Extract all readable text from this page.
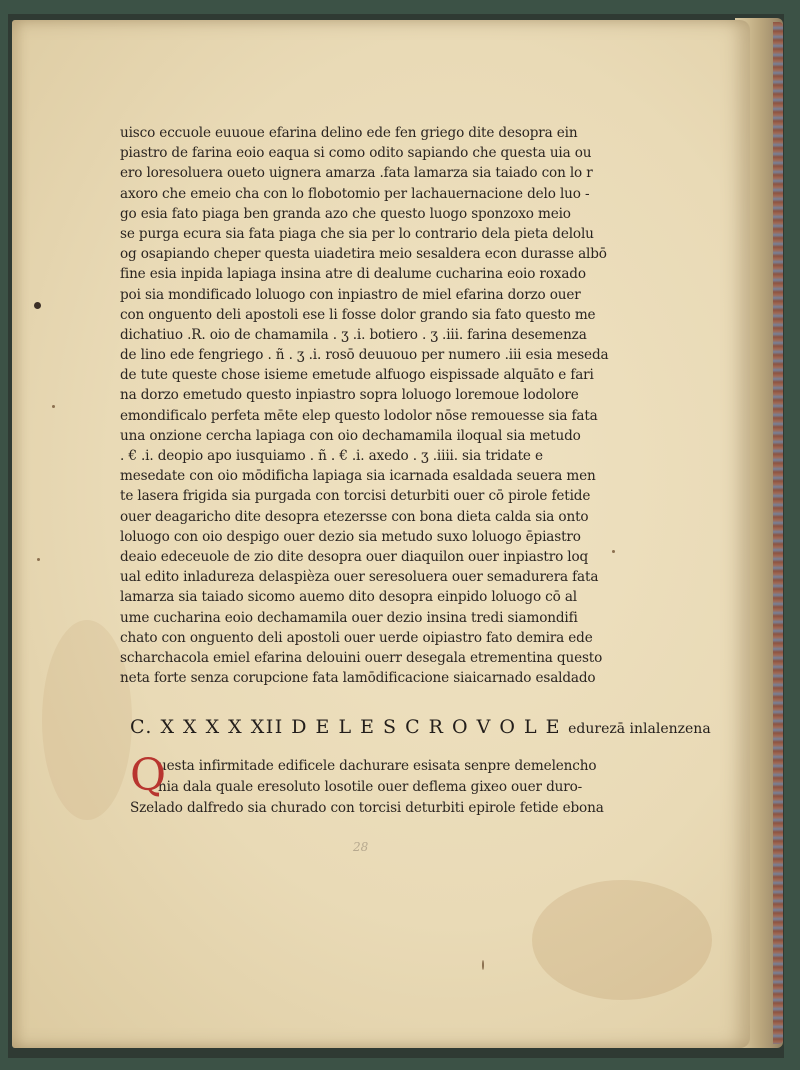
uisco eccuole euuoue efarina delino ede fen griego dite desopra ein
piastro de farina eoio eaqua si como odito sapiando che questa uia ou
ero loresoluera oueto uignera amarza .fata lamarza sia taiado con lo r
axoro che emeio cha con lo flobotomio per lachauernacione delo luo -
go esia fato piaga ben granda azo che questo luogo sponzoxo meio
se purga ecura sia fata piaga che sia per lo contrario dela pieta delolu
og osapiando cheper questa uiadetira meio sesaldera econ durasse albō
fine esia inpida lapiaga insina atre di dealume cucharina eoio roxado
poi sia mondificado loluogo con inpiastro de miel efarina dorzo ouer
con onguento deli apostoli ese li fosse dolor grando sia fato questo me
dichatiuo .R. oio de chamamila . ʒ .i. botiero . ʒ .iii. farina desemenza
de lino ede fengriego . ñ . ʒ .i. rosō deuuouo per numero .iii esia meseda
de tute queste chose isieme emetude alfuogo eispissade alquāto e fari
na dorzo emetudo questo inpiastro sopra loluogo loremoue lodolore
emondificalo perfeta mēte elep questo lodolor nōse remouesse sia fata
una onzione cercha lapiaga con oio dechamamila iloqual sia metudo
. € .i. deopio apo iusquiamo . ñ . € .i. axedo . ʒ .iiii. sia tridate e
mesedate con oio mōdificha lapiaga sia icarnada esaldada seuera men
te lasera frigida sia purgada con torcisi deturbiti ouer cō pirole fetide
ouer deagaricho dite desopra etezersse con bona dieta calda sia onto
loluogo con oio despigo ouer dezio sia metudo suxo loluogo ēpiastro
deaio edeceuole de zio dite desopra ouer diaquilon ouer inpiastro loq
ual edito inladureza delaspièza ouer seresoluera ouer semadurera fata
lamarza sia taiado sicomo auemo dito desopra einpido loluogo cō al
ume cucharina eoio dechamamila ouer dezio insina tredi siamondifi
chato con onguento deli apostoli ouer uerde oipiastro fato demira ede
scharchacola emiel efarina delouini ouerr desegala etrementina questo
neta forte senza corupcione fata lamōdificacione siaicarnado esaldado
C. X X X X XII D E L E S C R O V O L E edurezā inlalenzena
Q
uesta infirmitade edificele dachurare esisata senpre demelencho
nia dala quale eresoluto losotile ouer deflema gixeo ouer duro-
Szelado dalfredo sia churado con torcisi deturbiti epirole fetide ebona
28
